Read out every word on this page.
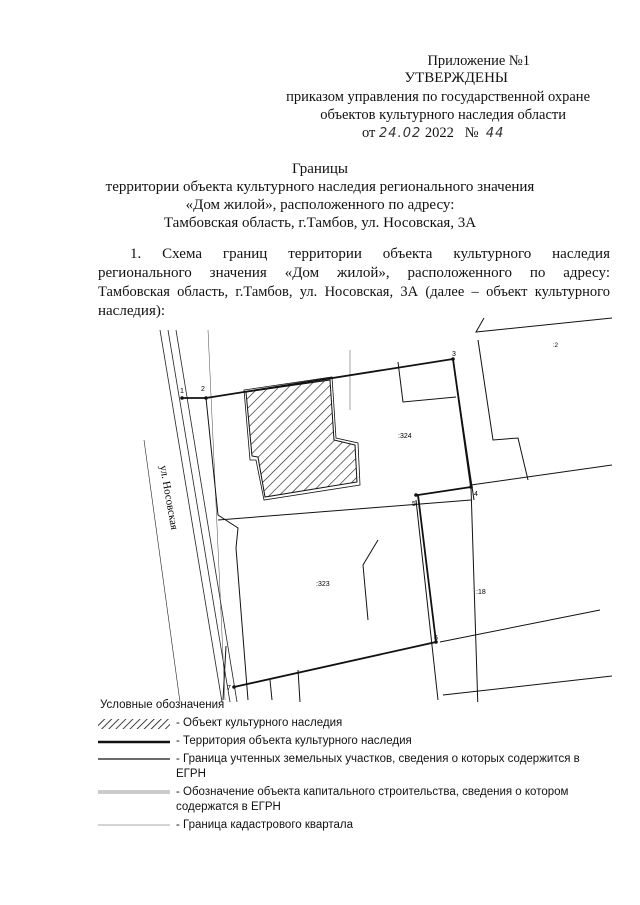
Приложение №1
УТВЕРЖДЕНЫ
приказом управления по государственной охране
объектов культурного наследия области
от 24.02 2022 № 44
Границы
территории объекта культурного наследия регионального значения
«Дом жилой», расположенного по адресу:
Тамбовская область, г.Тамбов, ул. Носовская, 3А
1. Схема границ территории объекта культурного наследия
регионального значения «Дом жилой», расположенного по адресу:
Тамбовская область, г.Тамбов, ул. Носовская, 3А (далее – объект культурного
наследия):
ул. Носовская
:324
:323
:18
:2
1 2
3
4
5
6
7
Условные обозначения
- Объект культурного наследия
- Территория объекта культурного наследия
- Граница учтенных земельных участков, сведения о которых содержится в ЕГРН
- Обозначение объекта капитального строительства, сведения о котором содержатся в ЕГРН
- Граница кадастрового квартала
